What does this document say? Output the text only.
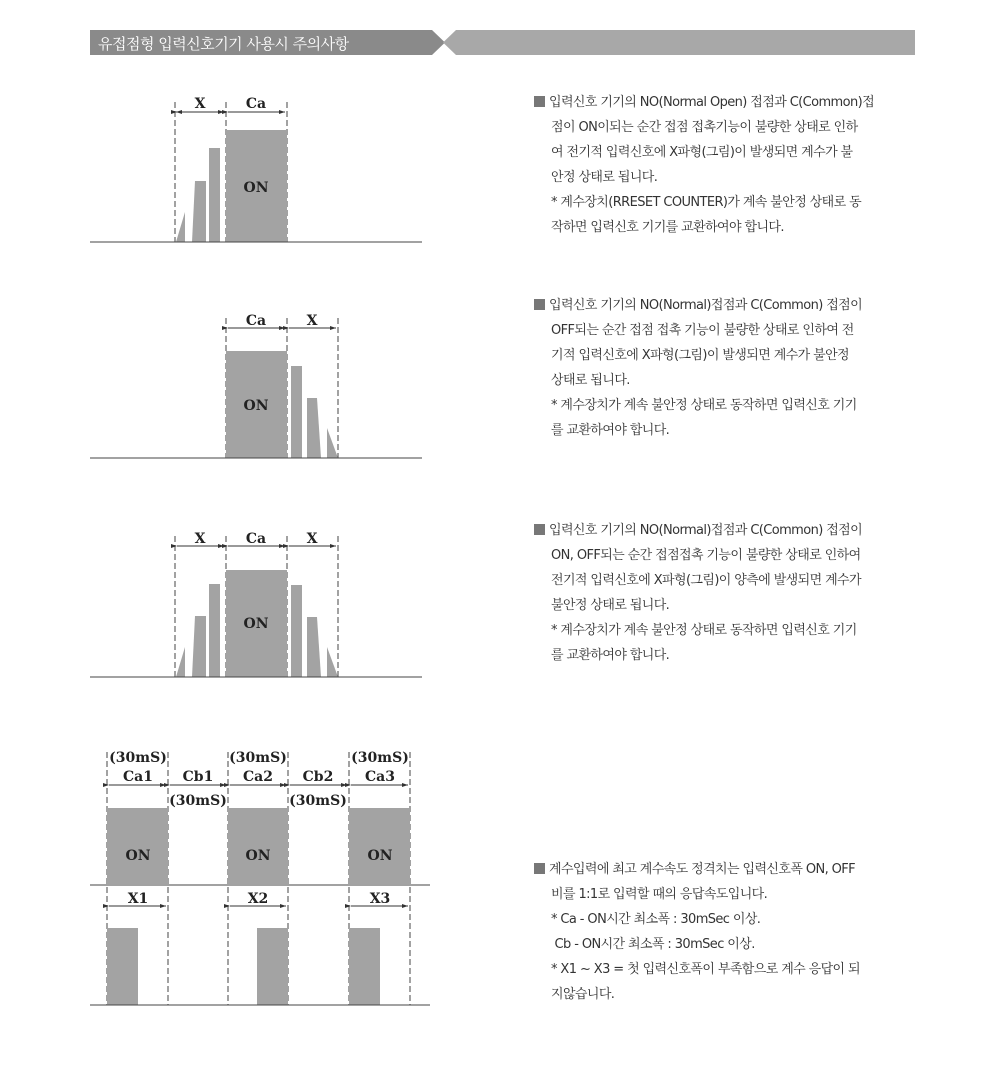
유접점형 입력신호기기 사용시 주의사항
X	Ca
ON
Ca	X
ON
X	Ca	X
ON
(30mS)	(30mS)	(30mS)
Ca1 Cb1 Ca2 Cb2 Ca3
(30mS)	(30mS)
ON	ON	ON
X1	X2	X3
입력신호 기기의 NO(Normal Open) 접점과 C(Common)접
점이 ON이되는 순간 접점 접촉기능이 불량한 상태로 인하
여 전기적 입력신호에 X파형(그림)이 발생되면 계수가 불
안정 상태로 됩니다.
* 계수장치(RRESET COUNTER)가 계속 불안정 상태로 동
작하면 입력신호 기기를 교환하여야 합니다.
입력신호 기기의 NO(Normal)접점과 C(Common) 접점이
OFF되는 순간 접점 접촉 기능이 불량한 상태로 인하여 전
기적 입력신호에 X파형(그림)이 발생되면 계수가 불안정
상태로 됩니다.
* 계수장치가 계속 불안정 상태로 동작하면 입력신호 기기
를 교환하여야 합니다.
입력신호 기기의 NO(Normal)접점과 C(Common) 접점이
ON, OFF되는 순간 접점접촉 기능이 불량한 상태로 인하여
전기적 입력신호에 X파형(그림)이 양측에 발생되면 계수가
불안정 상태로 됩니다.
* 계수장치가 계속 불안정 상태로 동작하면 입력신호 기기
를 교환하여야 합니다.
계수입력에 최고 계수속도 정격치는 입력신호폭 ON, OFF
비를 1:1로 입력할 때의 응답속도입니다.
* Ca - ON시간 최소폭 : 30mSec 이상.
Cb - ON시간 최소폭 : 30mSec 이상.
* X1 ~ X3 = 첫 입력신호폭이 부족함으로 계수 응답이 되
지않습니다.
